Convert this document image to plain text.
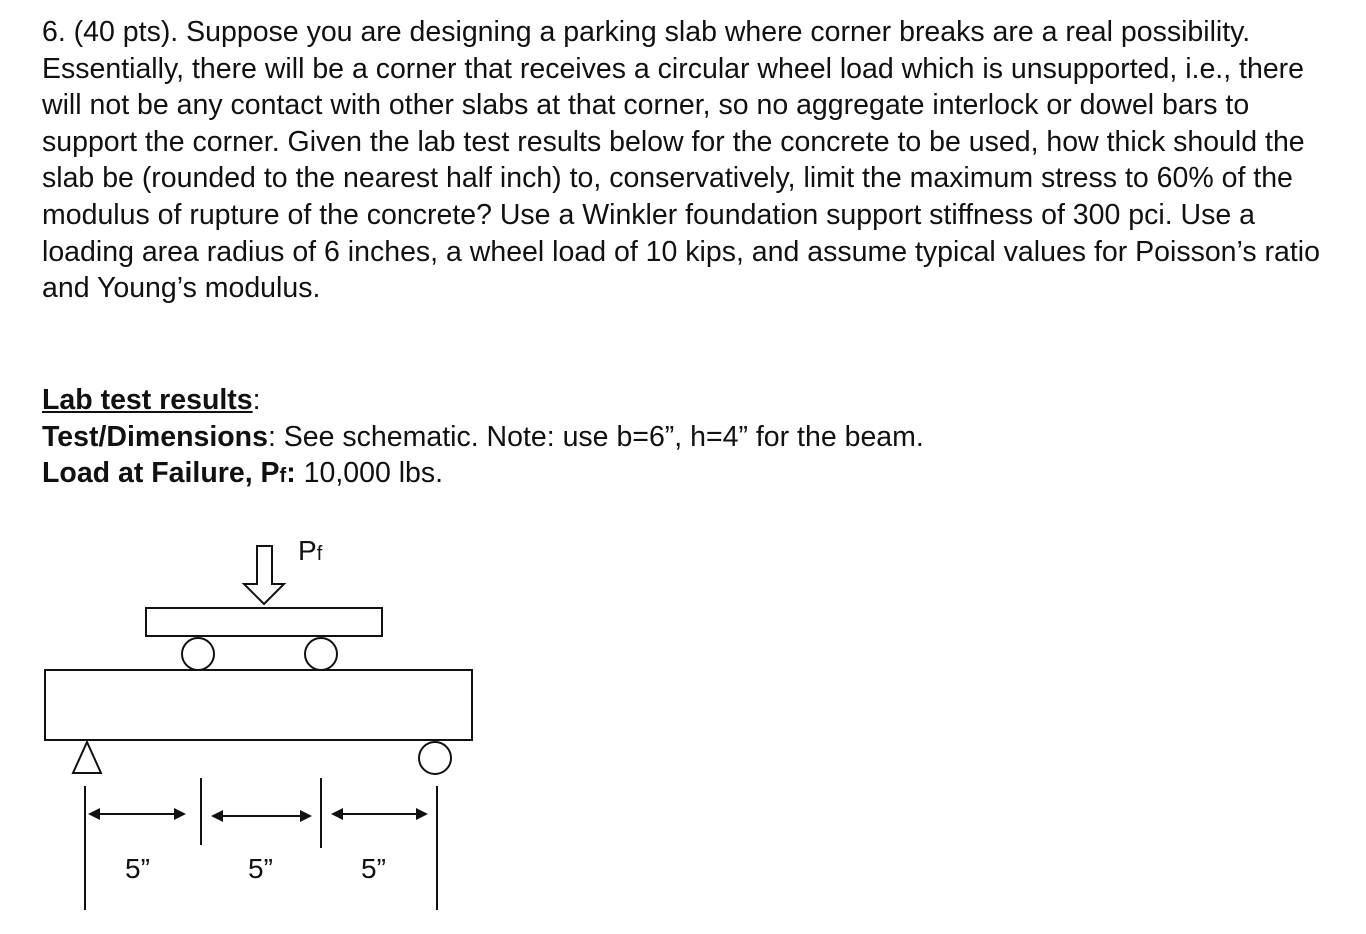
6. (40 pts). Suppose you are designing a parking slab where corner breaks are a real possibility. Essentially, there will be a corner that receives a circular wheel load which is unsupported, i.e., there will not be any contact with other slabs at that corner, so no aggregate interlock or dowel bars to support the corner. Given the lab test results below for the concrete to be used, how thick should the slab be (rounded to the nearest half inch) to, conservatively, limit the maximum stress to 60% of the modulus of rupture of the concrete? Use a Winkler foundation support stiffness of 300 pci. Use a loading area radius of 6 inches, a wheel load of 10 kips, and assume typical values for Poisson’s ratio and Young’s modulus.

Lab test results:

Test/Dimensions: See schematic. Note: use b=6”, h=4” for the beam.

Load at Failure, Pf: 10,000 lbs.

Pf
5”	5”	5”
